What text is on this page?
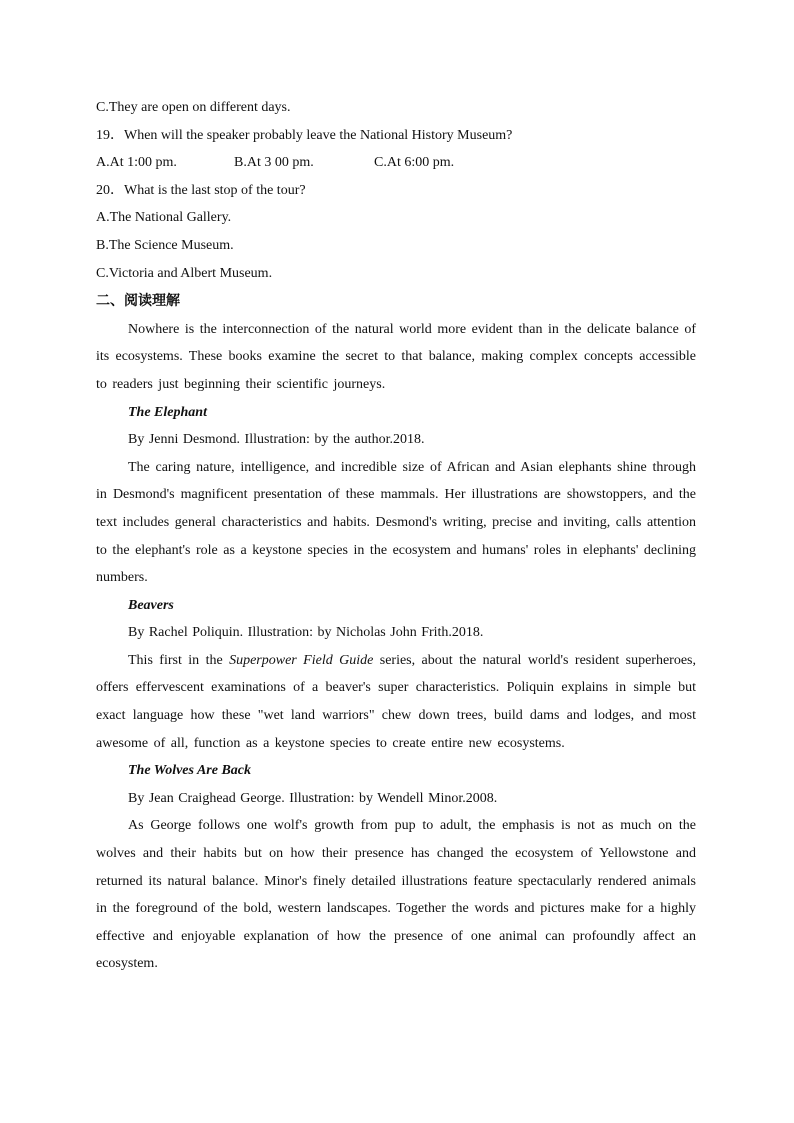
C.They are open on different days.
19．When will the speaker probably leave the National History Museum?
A.At 1:00 pm.	B.At 3 00 pm.	C.At 6:00 pm.
20．What is the last stop of the tour?
A.The National Gallery.
B.The Science Museum.
C.Victoria and Albert Museum.
二、阅读理解

Nowhere is the interconnection of the natural world more evident than in the delicate balance of its ecosystems. These books examine the secret to that balance, making complex concepts accessible to readers just beginning their scientific journeys.

The Elephant
By Jenni Desmond. Illustration: by the author.2018.

The caring nature, intelligence, and incredible size of African and Asian elephants shine through in Desmond's magnificent presentation of these mammals. Her illustrations are showstoppers, and the text includes general characteristics and habits. Desmond's writing, precise and inviting, calls attention to the elephant's role as a keystone species in the ecosystem and humans' roles in elephants' declining numbers.

Beavers
By Rachel Poliquin. Illustration: by Nicholas John Frith.2018.

This first in the Superpower Field Guide series, about the natural world's resident superheroes, offers effervescent examinations of a beaver's super characteristics. Poliquin explains in simple but exact language how these "wet land warriors" chew down trees, build dams and lodges, and most awesome of all, function as a keystone species to create entire new ecosystems.

The Wolves Are Back
By Jean Craighead George. Illustration: by Wendell Minor.2008.

As George follows one wolf's growth from pup to adult, the emphasis is not as much on the wolves and their habits but on how their presence has changed the ecosystem of Yellowstone and returned its natural balance. Minor's finely detailed illustrations feature spectacularly rendered animals in the foreground of the bold, western landscapes. Together the words and pictures make for a highly effective and enjoyable explanation of how the presence of one animal can profoundly affect an ecosystem.
